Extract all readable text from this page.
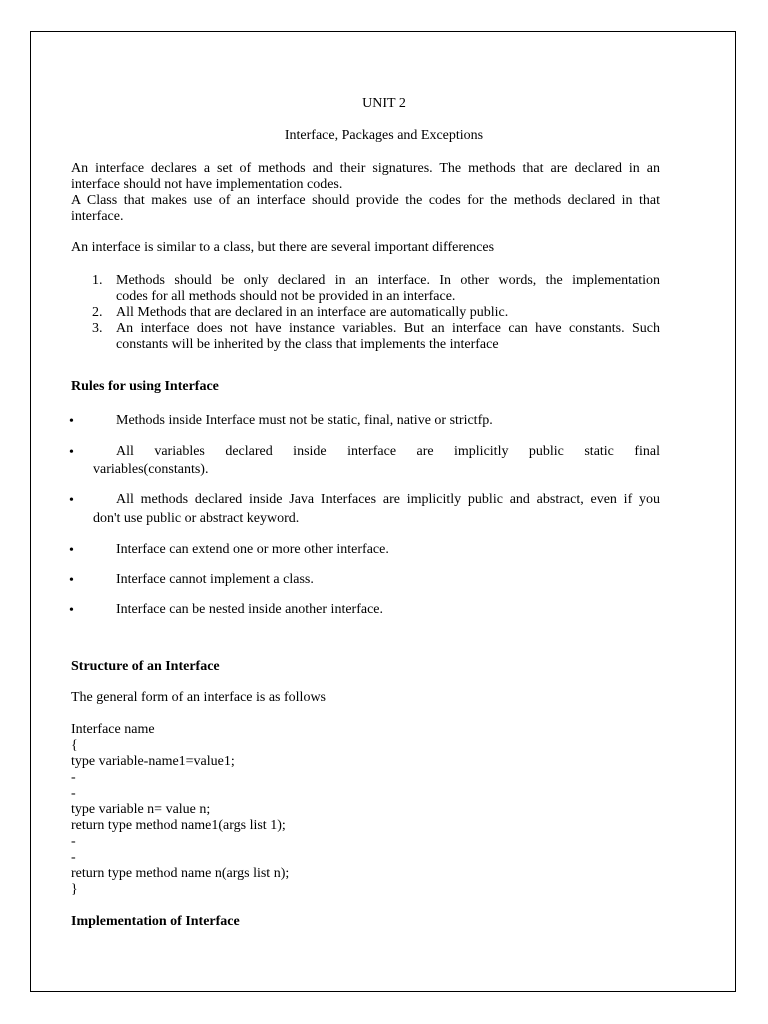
UNIT 2
Interface, Packages and Exceptions
An interface declares a set of methods and their signatures. The methods that are declared in an
interface should not have implementation codes.
A Class that makes use of an interface should provide the codes for the methods declared in that
interface.
An interface is similar to a class, but there are several important differences
1. Methods should be only declared in an interface. In other words, the implementation
codes for all methods should not be provided in an interface.
2. All Methods that are declared in an interface are automatically public.
3. An interface does not have instance variables. But an interface can have constants. Such
constants will be inherited by the class that implements the interface
Rules for using Interface
•	Methods inside Interface must not be static, final, native or strictfp.
•	All variables declared inside interface are implicitly public static final
variables(constants).
•	All methods declared inside Java Interfaces are implicitly public and abstract, even if you
don't use public or abstract keyword.
•	Interface can extend one or more other interface.
•	Interface cannot implement a class.
•	Interface can be nested inside another interface.
Structure of an Interface
The general form of an interface is as follows
Interface name
{
type variable-name1=value1;
-
-
type variable n= value n;
return type method name1(args list 1);
-
-
return type method name n(args list n);
}
Implementation of Interface
